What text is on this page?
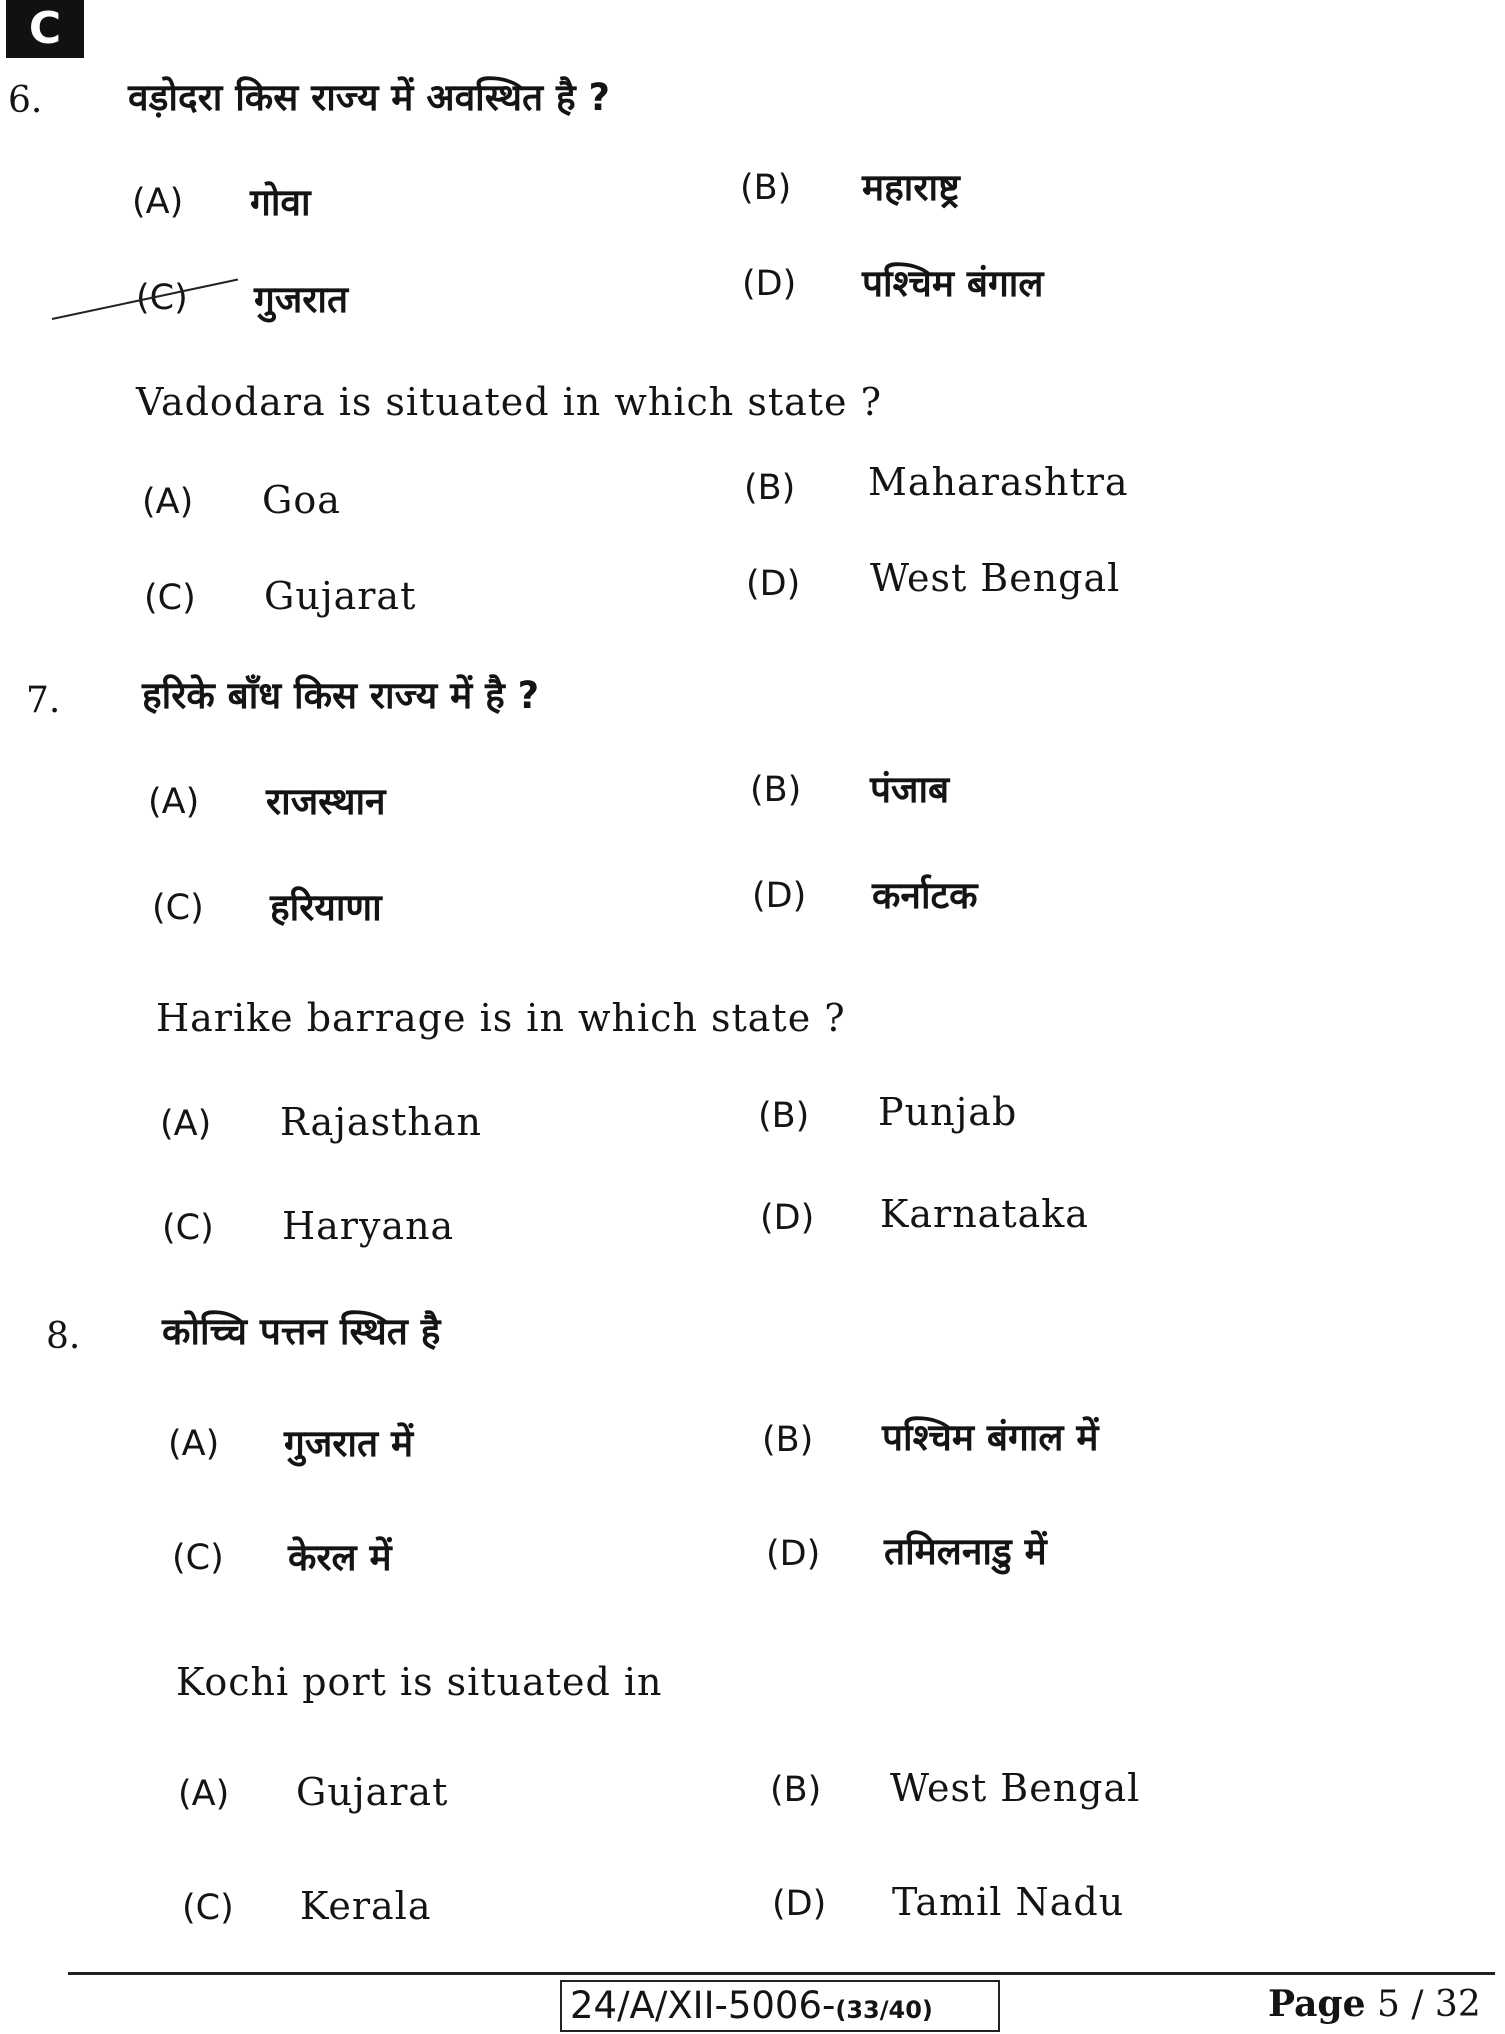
C
6. वड़ोदरा किस राज्य में अवस्थित है ?
(A) गोवा	(B) महाराष्ट्र
(C) गुजरात	(D) पश्चिम बंगाल
Vadodara is situated in which state ?
(A) Goa	(B) Maharashtra
(C) Gujarat	(D) West Bengal
7. हरिके बाँध किस राज्य में है ?
(A) राजस्थान	(B) पंजाब
(C) हरियाणा	(D) कर्नाटक
Harike barrage is in which state ?
(A) Rajasthan	(B) Punjab
(C) Haryana	(D) Karnataka
8. कोच्चि पत्तन स्थित है
(A) गुजरात में	(B) पश्चिम बंगाल में
(C) केरल में	(D) तमिलनाडु में
Kochi port is situated in
(A) Gujarat	(B) West Bengal
(C) Kerala	(D) Tamil Nadu
24/A/XII-5006-(33/40)	Page 5 / 32
